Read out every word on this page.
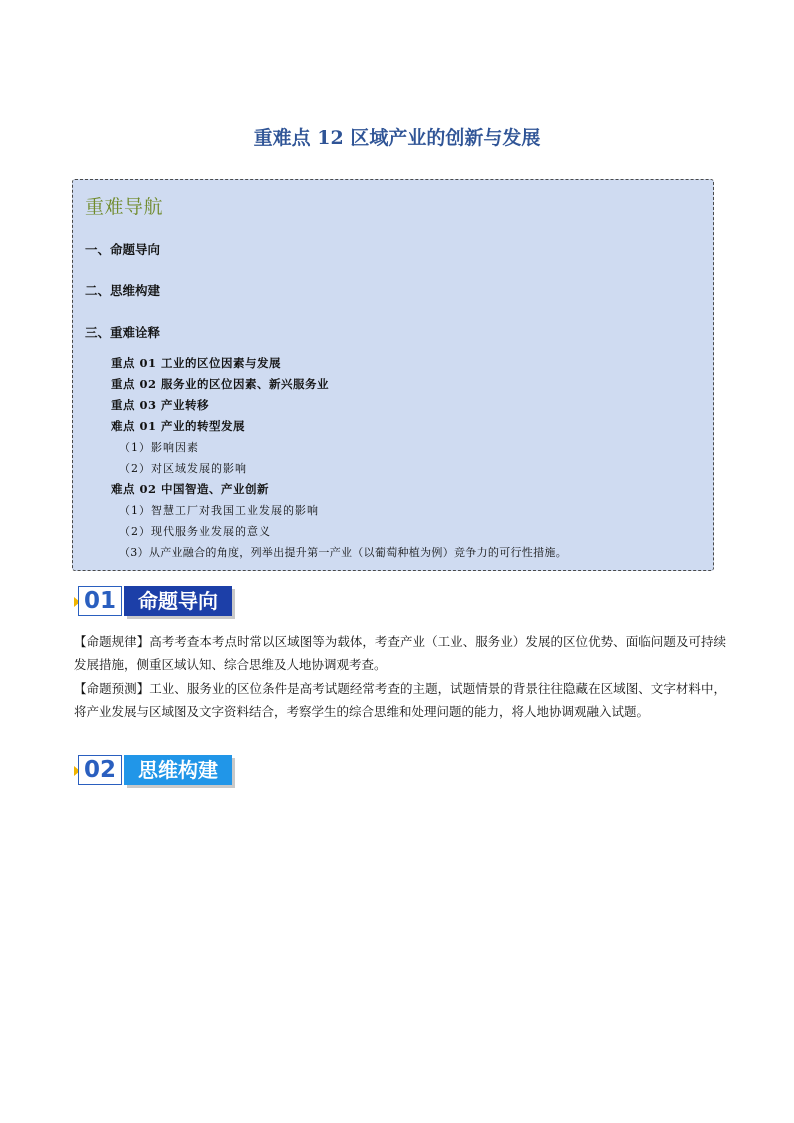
重难点 12 区域产业的创新与发展
重难导航
一、命题导向
二、思维构建
三、重难诠释
重点 01 工业的区位因素与发展
重点 02 服务业的区位因素、新兴服务业
重点 03 产业转移
难点 01 产业的转型发展
（1）影响因素
（2）对区域发展的影响
难点 02 中国智造、产业创新
（1）智慧工厂对我国工业发展的影响
（2）现代服务业发展的意义
（3）从产业融合的角度，列举出提升第一产业（以葡萄种植为例）竞争力的可行性措施。
01	命题导向
【命题规律】高考考查本考点时常以区域图等为载体，考查产业（工业、服务业）发展的区位优势、面临问题及可持续发展措施，侧重区域认知、综合思维及人地协调观考查。
【命题预测】工业、服务业的区位条件是高考试题经常考查的主题，试题情景的背景往往隐藏在区域图、文字材料中，将产业发展与区域图及文字资料结合，考察学生的综合思维和处理问题的能力，将人地协调观融入试题。
02	思维构建
